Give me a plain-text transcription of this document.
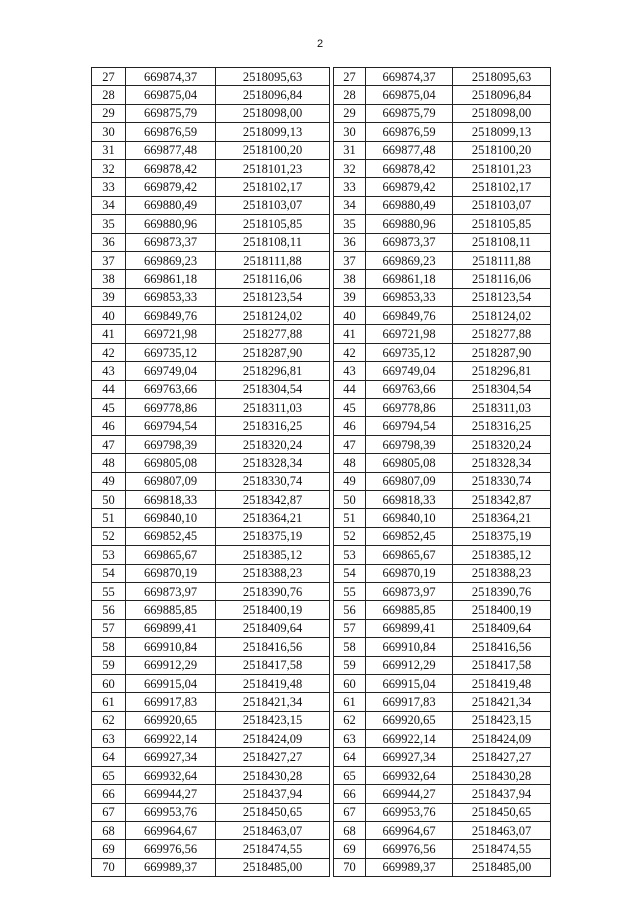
2
27	669874,37	2518095,63
28	669875,04	2518096,84
29	669875,79	2518098,00
30	669876,59	2518099,13
31	669877,48	2518100,20
32	669878,42	2518101,23
33	669879,42	2518102,17
34	669880,49	2518103,07
35	669880,96	2518105,85
36	669873,37	2518108,11
37	669869,23	2518111,88
38	669861,18	2518116,06
39	669853,33	2518123,54
40	669849,76	2518124,02
41	669721,98	2518277,88
42	669735,12	2518287,90
43	669749,04	2518296,81
44	669763,66	2518304,54
45	669778,86	2518311,03
46	669794,54	2518316,25
47	669798,39	2518320,24
48	669805,08	2518328,34
49	669807,09	2518330,74
50	669818,33	2518342,87
51	669840,10	2518364,21
52	669852,45	2518375,19
53	669865,67	2518385,12
54	669870,19	2518388,23
55	669873,97	2518390,76
56	669885,85	2518400,19
57	669899,41	2518409,64
58	669910,84	2518416,56
59	669912,29	2518417,58
60	669915,04	2518419,48
61	669917,83	2518421,34
62	669920,65	2518423,15
63	669922,14	2518424,09
64	669927,34	2518427,27
65	669932,64	2518430,28
66	669944,27	2518437,94
67	669953,76	2518450,65
68	669964,67	2518463,07
69	669976,56	2518474,55
70	669989,37	2518485,00
27	669874,37	2518095,63
28	669875,04	2518096,84
29	669875,79	2518098,00
30	669876,59	2518099,13
31	669877,48	2518100,20
32	669878,42	2518101,23
33	669879,42	2518102,17
34	669880,49	2518103,07
35	669880,96	2518105,85
36	669873,37	2518108,11
37	669869,23	2518111,88
38	669861,18	2518116,06
39	669853,33	2518123,54
40	669849,76	2518124,02
41	669721,98	2518277,88
42	669735,12	2518287,90
43	669749,04	2518296,81
44	669763,66	2518304,54
45	669778,86	2518311,03
46	669794,54	2518316,25
47	669798,39	2518320,24
48	669805,08	2518328,34
49	669807,09	2518330,74
50	669818,33	2518342,87
51	669840,10	2518364,21
52	669852,45	2518375,19
53	669865,67	2518385,12
54	669870,19	2518388,23
55	669873,97	2518390,76
56	669885,85	2518400,19
57	669899,41	2518409,64
58	669910,84	2518416,56
59	669912,29	2518417,58
60	669915,04	2518419,48
61	669917,83	2518421,34
62	669920,65	2518423,15
63	669922,14	2518424,09
64	669927,34	2518427,27
65	669932,64	2518430,28
66	669944,27	2518437,94
67	669953,76	2518450,65
68	669964,67	2518463,07
69	669976,56	2518474,55
70	669989,37	2518485,00
